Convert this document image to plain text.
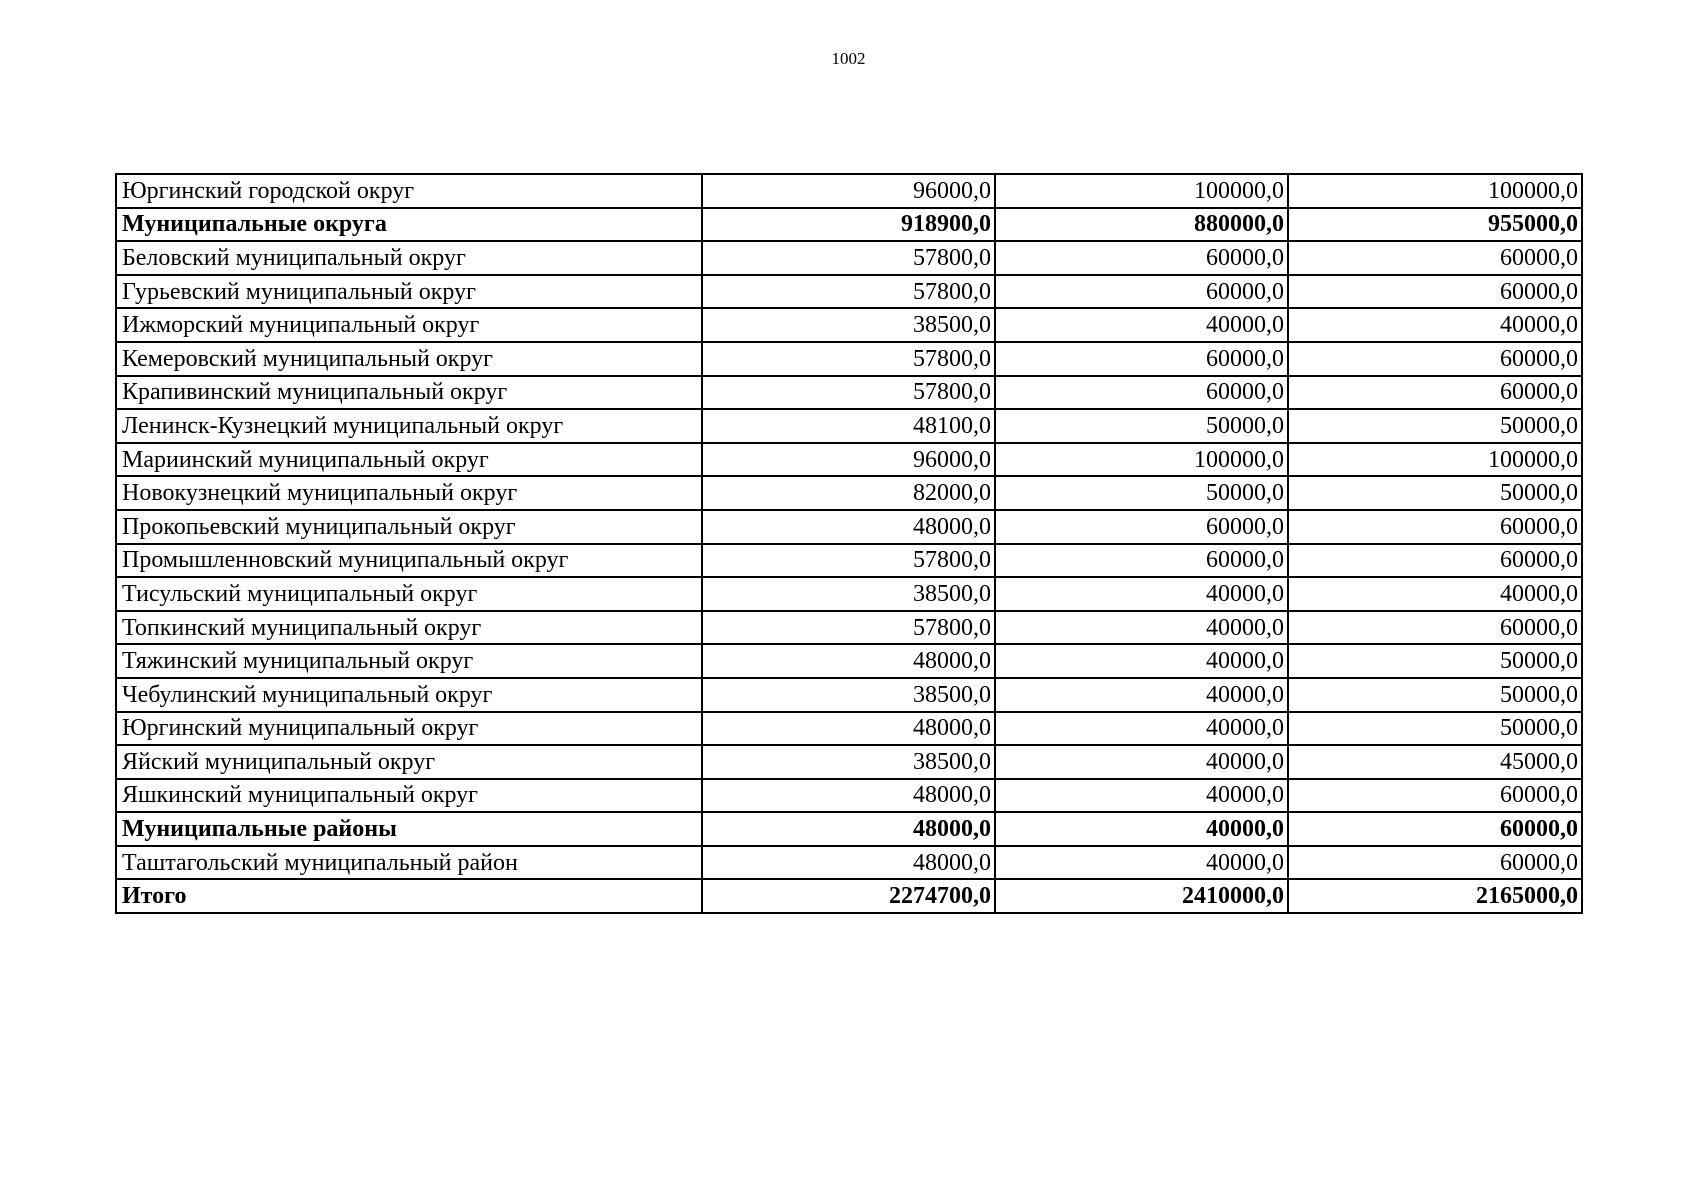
1002
Юргинский городской округ	96000,0	100000,0	100000,0
Муниципальные округа	918900,0	880000,0	955000,0
Беловский муниципальный округ	57800,0	60000,0	60000,0
Гурьевский муниципальный округ	57800,0	60000,0	60000,0
Ижморский муниципальный округ	38500,0	40000,0	40000,0
Кемеровский муниципальный округ	57800,0	60000,0	60000,0
Крапивинский муниципальный округ	57800,0	60000,0	60000,0
Ленинск-Кузнецкий муниципальный округ	48100,0	50000,0	50000,0
Мариинский муниципальный округ	96000,0	100000,0	100000,0
Новокузнецкий муниципальный округ	82000,0	50000,0	50000,0
Прокопьевский муниципальный округ	48000,0	60000,0	60000,0
Промышленновский муниципальный округ	57800,0	60000,0	60000,0
Тисульский муниципальный округ	38500,0	40000,0	40000,0
Топкинский муниципальный округ	57800,0	40000,0	60000,0
Тяжинский муниципальный округ	48000,0	40000,0	50000,0
Чебулинский муниципальный округ	38500,0	40000,0	50000,0
Юргинский муниципальный округ	48000,0	40000,0	50000,0
Яйский муниципальный округ	38500,0	40000,0	45000,0
Яшкинский муниципальный округ	48000,0	40000,0	60000,0
Муниципальные районы	48000,0	40000,0	60000,0
Таштагольский муниципальный район	48000,0	40000,0	60000,0
Итого	2274700,0	2410000,0	2165000,0
